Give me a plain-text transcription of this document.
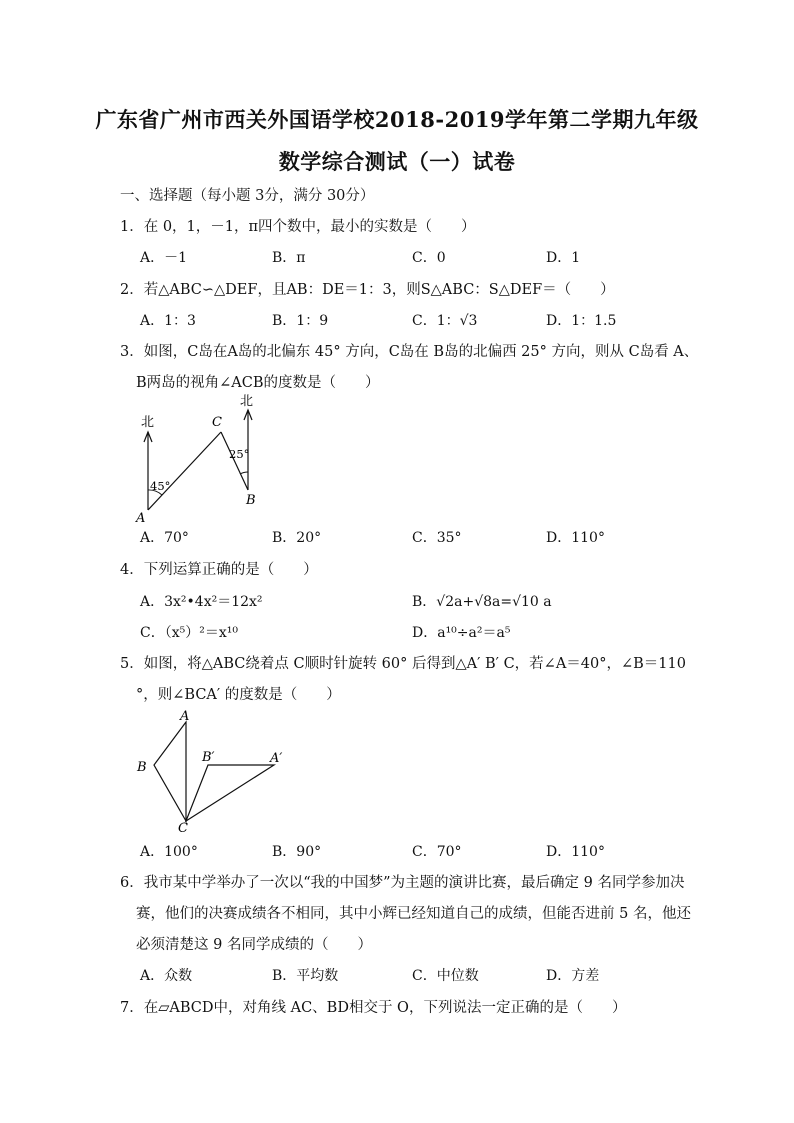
广东省广州市西关外国语学校2018-2019学年第二学期九年级
数学综合测试（一）试卷
一、选择题（每小题 3分，满分 30分）
1．在 0，1，－1，π四个数中，最小的实数是（　　）
A．－1	B．π	C．0	D．1
2．若△ABC∽△DEF，且AB：DE＝1：3，则S△ABC：S△DEF＝（　　）
A．1：3	B．1：9	C．1：√3	D．1：1.5
3．如图，C岛在A岛的北偏东 45° 方向，C岛在 B岛的北偏西 25° 方向，则从 C岛看 A、
B两岛的视角∠ACB的度数是（　　）
北
北
C
A
B
45°
25°
A．70°	B．20°	C．35°	D．110°
4．下列运算正确的是（　　）
A．3x²•4x²＝12x²	B．√2a+√8a=√10 a
C．（x⁵）²＝x¹⁰	D．a¹⁰÷a²＝a⁵
5．如图，将△ABC绕着点 C顺时针旋转 60° 后得到△A′ B′ C，若∠A＝40°，∠B＝110
°，则∠BCA′ 的度数是（　　）
A
B
C
B′	A′
A．100°	B．90°	C．70°	D．110°
6．我市某中学举办了一次以“我的中国梦”为主题的演讲比赛，最后确定 9 名同学参加决
赛，他们的决赛成绩各不相同，其中小辉已经知道自己的成绩，但能否进前 5 名，他还
必须清楚这 9 名同学成绩的（　　）
A．众数	B．平均数	C．中位数	D．方差
7．在▱ABCD中，对角线 AC、BD相交于 O，下列说法一定正确的是（　　）
